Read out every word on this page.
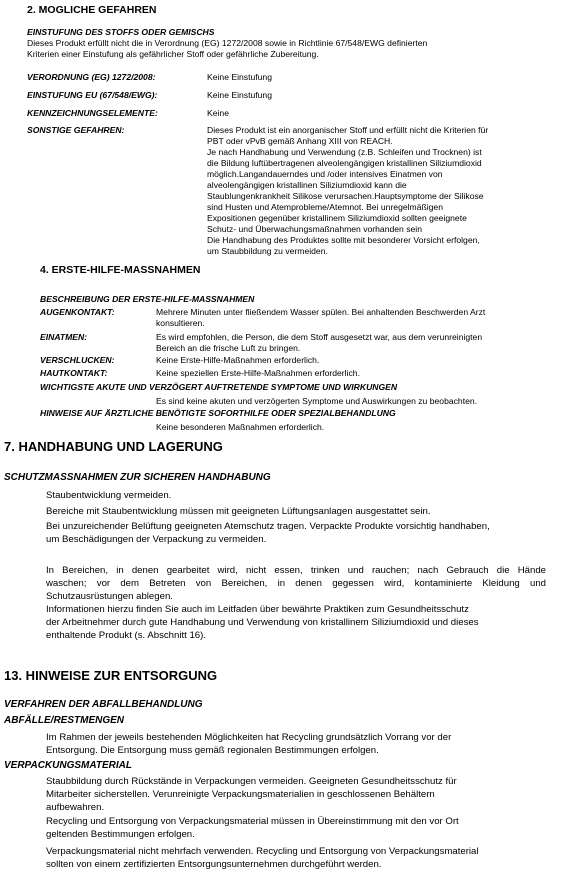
2. MOGLICHE GEFAHREN
EINSTUFUNG DES STOFFS ODER GEMISCHS

Dieses Produkt erfüllt nicht die in Verordnung (EG) 1272/2008 sowie in Richtlinie 67/548/EWG definierten

Kriterien einer Einstufung als gefährlicher Stoff oder gefährliche Zubereitung.

VERORDNUNG (EG) 1272/2008:	Keine Einstufung
EINSTUFUNG EU (67/548/EWG):	Keine Einstufung
KENNZEICHNUNGSELEMENTE:	Keine
SONSTIGE GEFAHREN:	Dieses Produkt ist ein anorganischer Stoff und erfüllt nicht die Kriterien für

PBT oder vPvB gemäß Anhang XIII von REACH.

Je nach Handhabung und Verwendung (z.B. Schleifen und Trocknen) ist

die Bildung luftübertragenen alveolengängigen kristallinen Siliziumdioxid

möglich.Langandauerndes und /oder intensives Einatmen von

alveolengängigen kristallinen Siliziumdioxid kann die

Staublungenkrankheit Silikose verursachen.Hauptsymptome der Silikose

sind Husten und Atemprobleme/Atemnot. Bei unregelmäßigen

Expositionen gegenüber kristallinem Siliziumdioxid sollten geeignete

Schutz- und Überwachungsmaßnahmen vorhanden sein

Die Handhabung des Produktes sollte mit besonderer Vorsicht erfolgen,

um Staubbildung zu vermeiden.

4. ERSTE-HILFE-MASSNAHMEN
BESCHREIBUNG DER ERSTE-HILFE-MASSNAHMEN
AUGENKONTAKT:	Mehrere Minuten unter fließendem Wasser spülen. Bei anhaltenden Beschwerden Arzt

konsultieren.

EINATMEN:	Es wird empfohlen, die Person, die dem Stoff ausgesetzt war, aus dem verunreinigten

Bereich an die frische Luft zu bringen.

VERSCHLUCKEN:	Keine Erste-Hilfe-Maßnahmen erforderlich.
HAUTKONTAKT:	Keine speziellen Erste-Hilfe-Maßnahmen erforderlich.
WICHTIGSTE AKUTE UND VERZÖGERT AUFTRETENDE SYMPTOME UND WIRKUNGEN
Es sind keine akuten und verzögerten Symptome und Auswirkungen zu beobachten.
HINWEISE AUF ÄRZTLICHE BENÖTIGTE SOFORTHILFE ODER SPEZIALBEHANDLUNG
Keine besonderen Maßnahmen erforderlich.
7. HANDHABUNG UND LAGERUNG
SCHUTZMASSNAHMEN ZUR SICHEREN HANDHABUNG
Staubentwicklung vermeiden.
Bereiche mit Staubentwicklung müssen mit geeigneten Lüftungsanlagen ausgestattet sein.

Bei unzureichender Belüftung geeigneten Atemschutz tragen. Verpackte Produkte vorsichtig handhaben,

um Beschädigungen der Verpackung zu vermeiden.

In Bereichen, in denen gearbeitet wird, nicht essen, trinken und rauchen; nach Gebrauch die Hände

waschen; vor dem Betreten von Bereichen, in denen gegessen wird, kontaminierte Kleidung und

Schutzausrüstungen ablegen.

Informationen hierzu finden Sie auch im Leitfaden über bewährte Praktiken zum Gesundheitsschutz

der Arbeitnehmer durch gute Handhabung und Verwendung von kristallinem Siliziumdioxid und dieses

enthaltende Produkt (s. Abschnitt 16).

13. HINWEISE ZUR ENTSORGUNG
VERFAHREN DER ABFALLBEHANDLUNG
ABFÄLLE/RESTMENGEN

Im Rahmen der jeweils bestehenden Möglichkeiten hat Recycling grundsätzlich Vorrang vor der

Entsorgung. Die Entsorgung muss gemäß regionalen Bestimmungen erfolgen.

VERPACKUNGSMATERIAL

Staubbildung durch Rückstände in Verpackungen vermeiden. Geeigneten Gesundheitsschutz für

Mitarbeiter sicherstellen. Verunreinigte Verpackungsmaterialien in geschlossenen Behältern

aufbewahren.

Recycling und Entsorgung von Verpackungsmaterial müssen in Übereinstimmung mit den vor Ort

geltenden Bestimmungen erfolgen.

Verpackungsmaterial nicht mehrfach verwenden. Recycling und Entsorgung von Verpackungsmaterial

sollten von einem zertifizierten Entsorgungsunternehmen durchgeführt werden.
